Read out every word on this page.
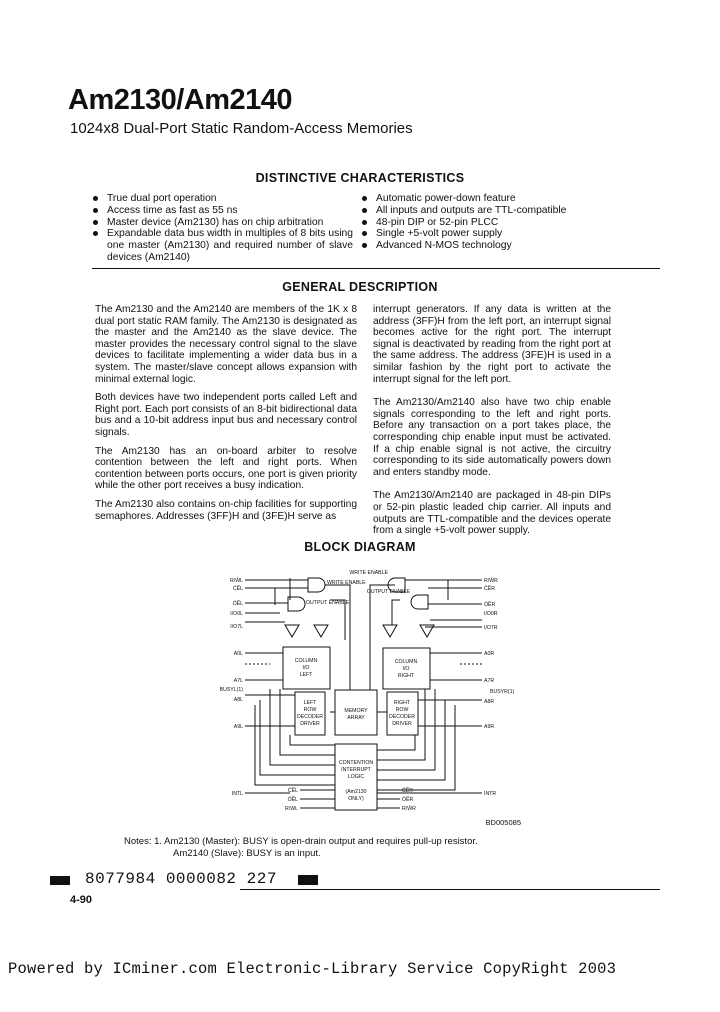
Am2130/Am2140
1024x8 Dual-Port Static Random-Access Memories
DISTINCTIVE CHARACTERISTICS
True dual port operation
Access time as fast as 55 ns
Master device (Am2130) has on chip arbitration
Expandable data bus width in multiples of 8 bits using one master (Am2130) and required number of slave devices (Am2140)
Automatic power-down feature
All inputs and outputs are TTL-compatible
48-pin DIP or 52-pin PLCC
Single +5-volt power supply
Advanced N-MOS technology
GENERAL DESCRIPTION

The Am2130 and the Am2140 are members of the 1K x 8 dual port static RAM family. The Am2130 is designated as the master and the Am2140 as the slave device. The master provides the necessary control signal to the slave devices to facilitate implementing a wider data bus in a system. The master/slave concept allows expansion with minimal external logic.

Both devices have two independent ports called Left and Right port. Each port consists of an 8-bit bidirectional data bus and a 10-bit address input bus and necessary control signals.

The Am2130 has an on-board arbiter to resolve contention between the left and right ports. When contention between ports occurs, one port is given priority while the other port receives a busy indication.

The Am2130 also contains on-chip facilities for supporting semaphores. Addresses (3FF)H and (3FE)H serve as

interrupt generators. If any data is written at the address (3FF)H from the left port, an interrupt signal becomes active for the right port. The interrupt signal is deactivated by reading from the right port at the same address. The address (3FE)H is used in a similar fashion by the right port to activate the interrupt signal for the left port.

The Am2130/Am2140 also have two chip enable signals corresponding to the left and right ports. Before any transaction on a port takes place, the corresponding chip enable input must be activated. If a chip enable signal is not active, the circuitry corresponding to its side automatically powers down and enters standby mode.

The Am2130/Am2140 are packaged in 48-pin DIPs or 52-pin plastic leaded chip carrier. All inputs and outputs are TTL-compatible and the devices operate from a single +5-volt power supply.

BLOCK DIAGRAM
WRITE ENABLE
OUTPUT ENABLE
WRITE ENABLE
OUTPUT ENABLE
COLUMN
I/O
LEFT
COLUMN
I/O
RIGHT
LEFT
ROW
DECODER
DRIVER
MEMORY
ARRAY
RIGHT
ROW
DECODER
DRIVER
CONTENTION
INTERRUPT
LOGIC
(Am2130
ONLY)
R/W̄L
C̄E̅L
ŌE̅L
I/O0L
I/O7L
A0L
A7L
BUSYL(1)
A8L
A9L
INTL	C̄E̅L
ŌE̅L
R/WL
R/W̄R
C̄E̅R
ŌE̅R
I/O0R
I/O7R
A0R
A7R
BUSYR(1)
A8R
A9R
INTR
C̄E̅R
ŌE̅R
R/W̄R
BD005085
Notes: 1. Am2130 (Master): BUSY is open-drain output and requires pull-up resistor.
Am2140 (Slave): BUSY is an input.
8077984 0000082 227
4-90
Powered by ICminer.com Electronic-Library Service CopyRight 2003
